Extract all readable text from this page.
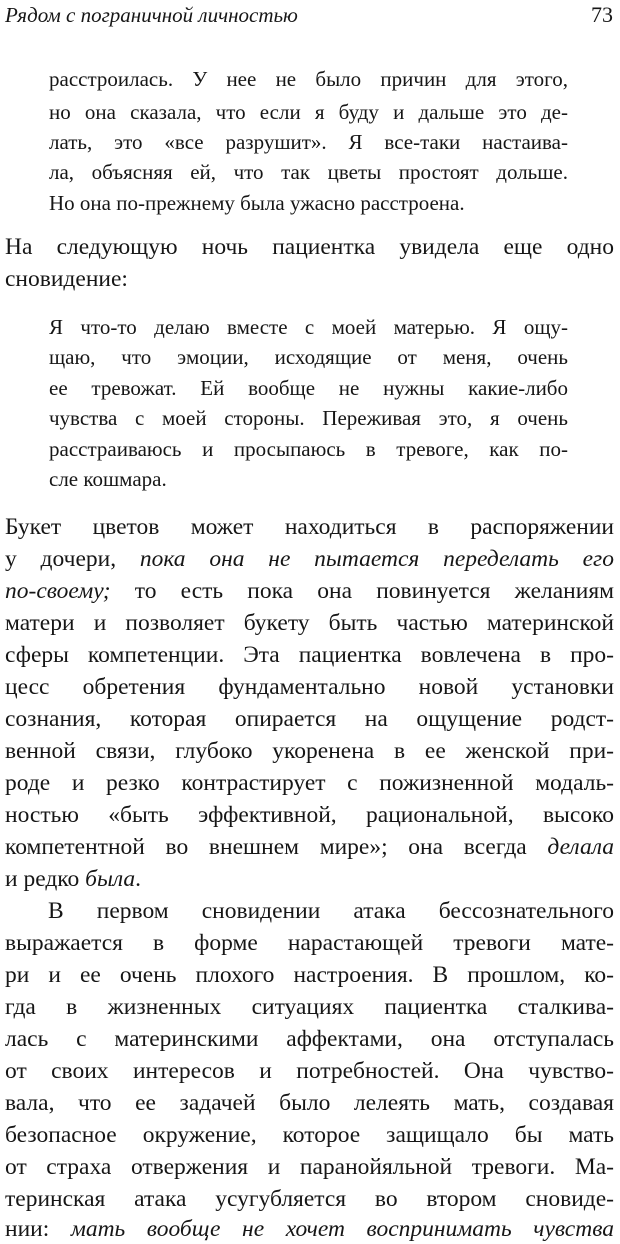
Рядом с пограничной личностью	73
расстроилась. У нее не было причин для этого,
но она сказала, что если я буду и дальше это де-
лать, это «все разрушит». Я все-таки настаива-
ла, объясняя ей, что так цветы простоят дольше.
Но она по-прежнему была ужасно расстроена.
На следующую ночь пациентка увидела еще одно
сновидение:
Я что-то делаю вместе с моей матерью. Я ощу-
щаю, что эмоции, исходящие от меня, очень
ее тревожат. Ей вообще не нужны какие-либо
чувства с моей стороны. Переживая это, я очень
расстраиваюсь и просыпаюсь в тревоге, как по-
сле кошмара.
Букет цветов может находиться в распоряжении
у дочери, пока она не пытается переделать его
по-своему; то есть пока она повинуется желаниям
матери и позволяет букету быть частью материнской
сферы компетенции. Эта пациентка вовлечена в про-
цесс обретения фундаментально новой установки
сознания, которая опирается на ощущение родст-
венной связи, глубоко укоренена в ее женской при-
роде и резко контрастирует с пожизненной модаль-
ностью «быть эффективной, рациональной, высоко
компетентной во внешнем мире»; она всегда делала
и редко была.
В первом сновидении атака бессознательного
выражается в форме нарастающей тревоги мате-
ри и ее очень плохого настроения. В прошлом, ко-
гда в жизненных ситуациях пациентка сталкива-
лась с материнскими аффектами, она отступалась
от своих интересов и потребностей. Она чувство-
вала, что ее задачей было лелеять мать, создавая
безопасное окружение, которое защищало бы мать
от страха отвержения и паранойяльной тревоги. Ма-
теринская атака усугубляется во втором сновиде-
нии: мать вообще не хочет воспринимать чувства
